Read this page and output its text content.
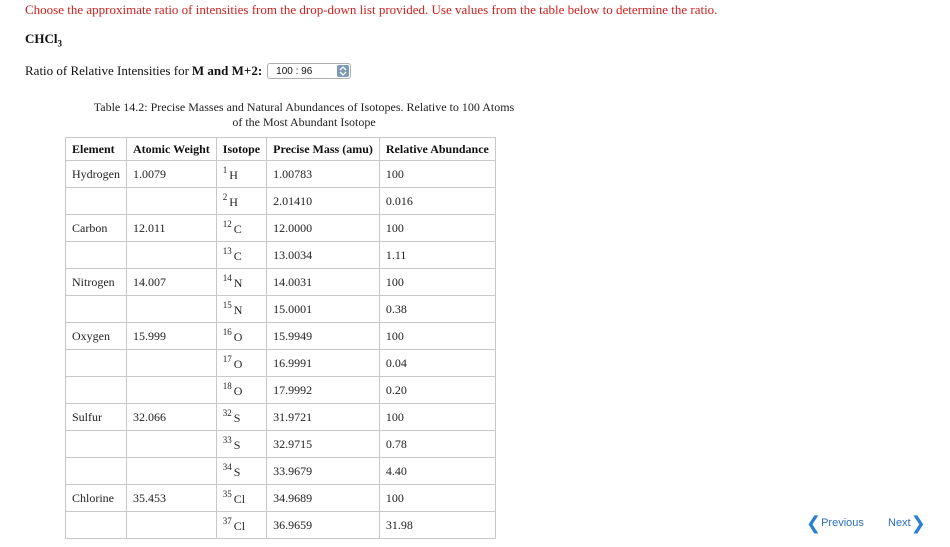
Choose the approximate ratio of intensities from the drop-down list provided. Use values from the table below to determine the ratio.
CHCl$_3$
Ratio of Relative Intensities for M and M+2:	100 : 96
Table 14.2: Precise Masses and Natural Abundances of Isotopes. Relative to 100 Atoms of the Most Abundant Isotope
Element	Atomic Weight	Isotope	Precise Mass (amu)	Relative Abundance
Hydrogen	1.0079	$^1$ H	1.00783	100
		$^2$ H	2.01410	0.016
Carbon	12.011	$^{12}$ C	12.0000	100
		$^{13}$ C	13.0034	1.11
Nitrogen	14.007	$^{14}$ N	14.0031	100
		$^{15}$ N	15.0001	0.38
Oxygen	15.999	$^{16}$ O	15.9949	100
		$^{17}$ O	16.9991	0.04
		$^{18}$ O	17.9992	0.20
Sulfur	32.066	$^{32}$ S	31.9721	100
		$^{33}$ S	32.9715	0.78
		$^{34}$ S	33.9679	4.40
Chlorine	35.453	$^{35}$ Cl	34.9689	100
		$^{37}$ Cl	36.9659	31.98	❮ Previous Next ❯
